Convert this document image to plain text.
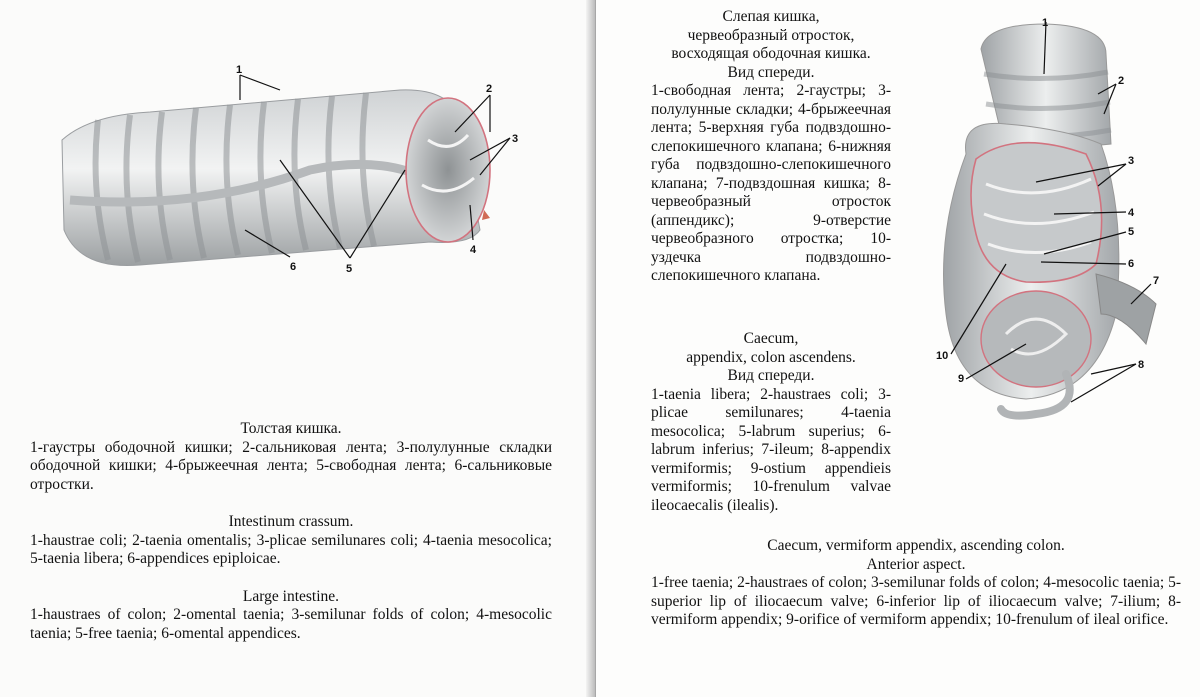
1
2
3
4
5
6
Толстая кишка.
1-гаустры ободочной кишки; 2-сальниковая лента; 3-полулунные складки ободочной кишки; 4-брыжеечная лента; 5-свободная лента; 6-сальниковые отростки.
Intestinum crassum.
1-haustrae coli; 2-taenia omentalis; 3-plicae semilunares coli; 4-taenia mesocolica; 5-taenia libera; 6-appendices epiploicae.
Large intestine.
1-haustraes of colon; 2-omental taenia; 3-semilunar folds of colon; 4-mesocolic taenia; 5-free taenia; 6-omental appendices.
Слепая кишка,
червеобразный отросток,
восходящая ободочная кишка.
Вид спереди.
1-свободная лента; 2-гаустры; 3-полулунные складки; 4-брыжеечная лента; 5-верхняя губа подвздошно-слепокишечного клапана; 6-нижняя губа подвздошно-слепокишечного клапана; 7-подвздошная кишка; 8-червеобразный отросток (аппендикс); 9-отверстие червеобразного отростка; 10-уздечка подвздошно-слепокишечного клапана.
Caecum,
appendix, colon ascendens.
Вид спереди.
1-taenia libera; 2-haustraes coli; 3-plicae semilunares; 4-taenia mesocolica; 5-labrum superius; 6-labrum inferius; 7-ileum; 8-appendix vermiformis; 9-ostium appendieis vermiformis; 10-frenulum valvae ileocaecalis (ilealis).
Caecum, vermiform appendix, ascending colon.
Anterior aspect.
1-free taenia; 2-haustraes of colon; 3-semilunar folds of colon; 4-mesocolic taenia; 5-superior lip of iliocaecum valve; 6-inferior lip of iliocaecum valve; 7-ilium; 8-vermiform appendix; 9-orifice of vermiform appendix; 10-frenulum of ileal orifice.
1
2
3
4
5
6
7
8
9
10
